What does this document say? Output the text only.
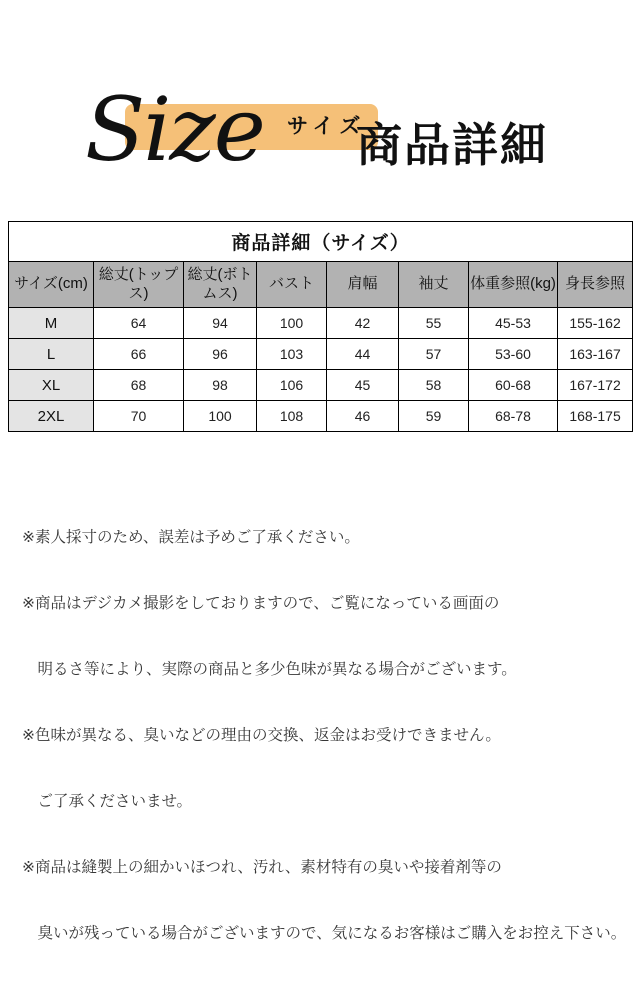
Size サイズ
商品詳細
商品詳細（サイズ）							
サイズ(cm)	総丈(トップス)	総丈(ボトムス)	バスト	肩幅	袖丈	体重参照(kg)	身長参照
M	64	94	100	42	55	45-53	155-162
L	66	96	103	44	57	53-60	163-167
XL	68	98	106	45	58	60-68	167-172
2XL	70	100	108	46	59	68-78	168-175

※素人採寸のため、誤差は予めご了承ください。

※商品はデジカメ撮影をしておりますので、ご覧になっている画面の

　明るさ等により、実際の商品と多少色味が異なる場合がございます。

※色味が異なる、臭いなどの理由の交換、返金はお受けできません。

　ご了承くださいませ。

※商品は縫製上の細かいほつれ、汚れ、素材特有の臭いや接着剤等の

　臭いが残っている場合がございますので、気になるお客様はご購入をお控え下さい。
